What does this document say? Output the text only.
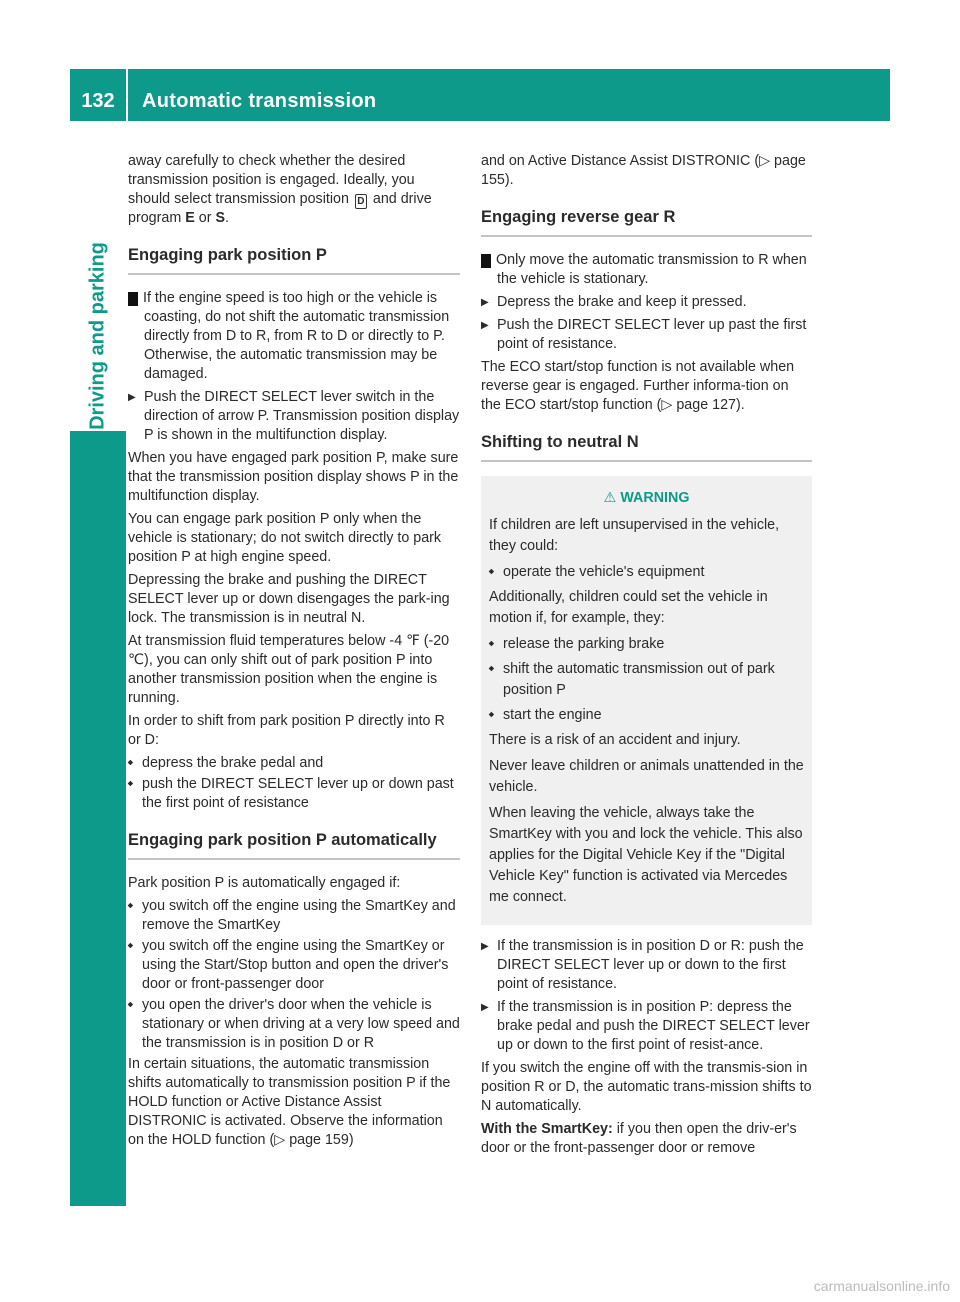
132	Automatic transmission
Driving and parking

away carefully to check whether the desired transmission position is engaged. Ideally, you should select transmission position D and drive program E or S.

Engaging park position P
! If the engine speed is too high or the vehicle is coasting, do not shift the automatic transmission directly from D to R, from R to D or directly to P. Otherwise, the automatic transmission may be damaged.
▶ Push the DIRECT SELECT lever switch in the direction of arrow P. Transmission position display P is shown in the multifunction display.

When you have engaged park position P, make sure that the transmission position display shows P in the multifunction display.

You can engage park position P only when the vehicle is stationary; do not switch directly to park position P at high engine speed.

Depressing the brake and pushing the DIRECT SELECT lever up or down disengages the park-ing lock. The transmission is in neutral N.

At transmission fluid temperatures below -4 ℉ (-20 ℃), you can only shift out of park position P into another transmission position when the engine is running.

In order to shift from park position P directly into R or D:

■ depress the brake pedal and
■ push the DIRECT SELECT lever up or down past the first point of resistance
Engaging park position P automatically

Park position P is automatically engaged if:

■ you switch off the engine using the SmartKey and remove the SmartKey
■ you switch off the engine using the SmartKey or using the Start/Stop button and open the driver's door or front-passenger door
■ you open the driver's door when the vehicle is stationary or when driving at a very low speed and the transmission is in position D or R

In certain situations, the automatic transmission shifts automatically to transmission position P if the HOLD function or Active Distance Assist DISTRONIC is activated. Observe the information on the HOLD function (▷ page 159)

and on Active Distance Assist DISTRONIC (▷ page 155).

Engaging reverse gear R
! Only move the automatic transmission to R when the vehicle is stationary.
▶ Depress the brake and keep it pressed.
▶ Push the DIRECT SELECT lever up past the first point of resistance.

The ECO start/stop function is not available when reverse gear is engaged. Further informa-tion on the ECO start/stop function (▷ page 127).

Shifting to neutral N
⚠ WARNING

If children are left unsupervised in the vehicle, they could:

■ operate the vehicle's equipment

Additionally, children could set the vehicle in motion if, for example, they:

■ release the parking brake
■ shift the automatic transmission out of park position P
■ start the engine

There is a risk of an accident and injury.

Never leave children or animals unattended in the vehicle.

When leaving the vehicle, always take the SmartKey with you and lock the vehicle. This also applies for the Digital Vehicle Key if the "Digital Vehicle Key" function is activated via Mercedes me connect.

▶ If the transmission is in position D or R: push the DIRECT SELECT lever up or down to the first point of resistance.
▶ If the transmission is in position P: depress the brake pedal and push the DIRECT SELECT lever up or down to the first point of resist-ance.

If you switch the engine off with the transmis-sion in position R or D, the automatic trans-mission shifts to N automatically.

With the SmartKey: if you then open the driv-er's door or the front-passenger door or remove

carmanualsonline.info
